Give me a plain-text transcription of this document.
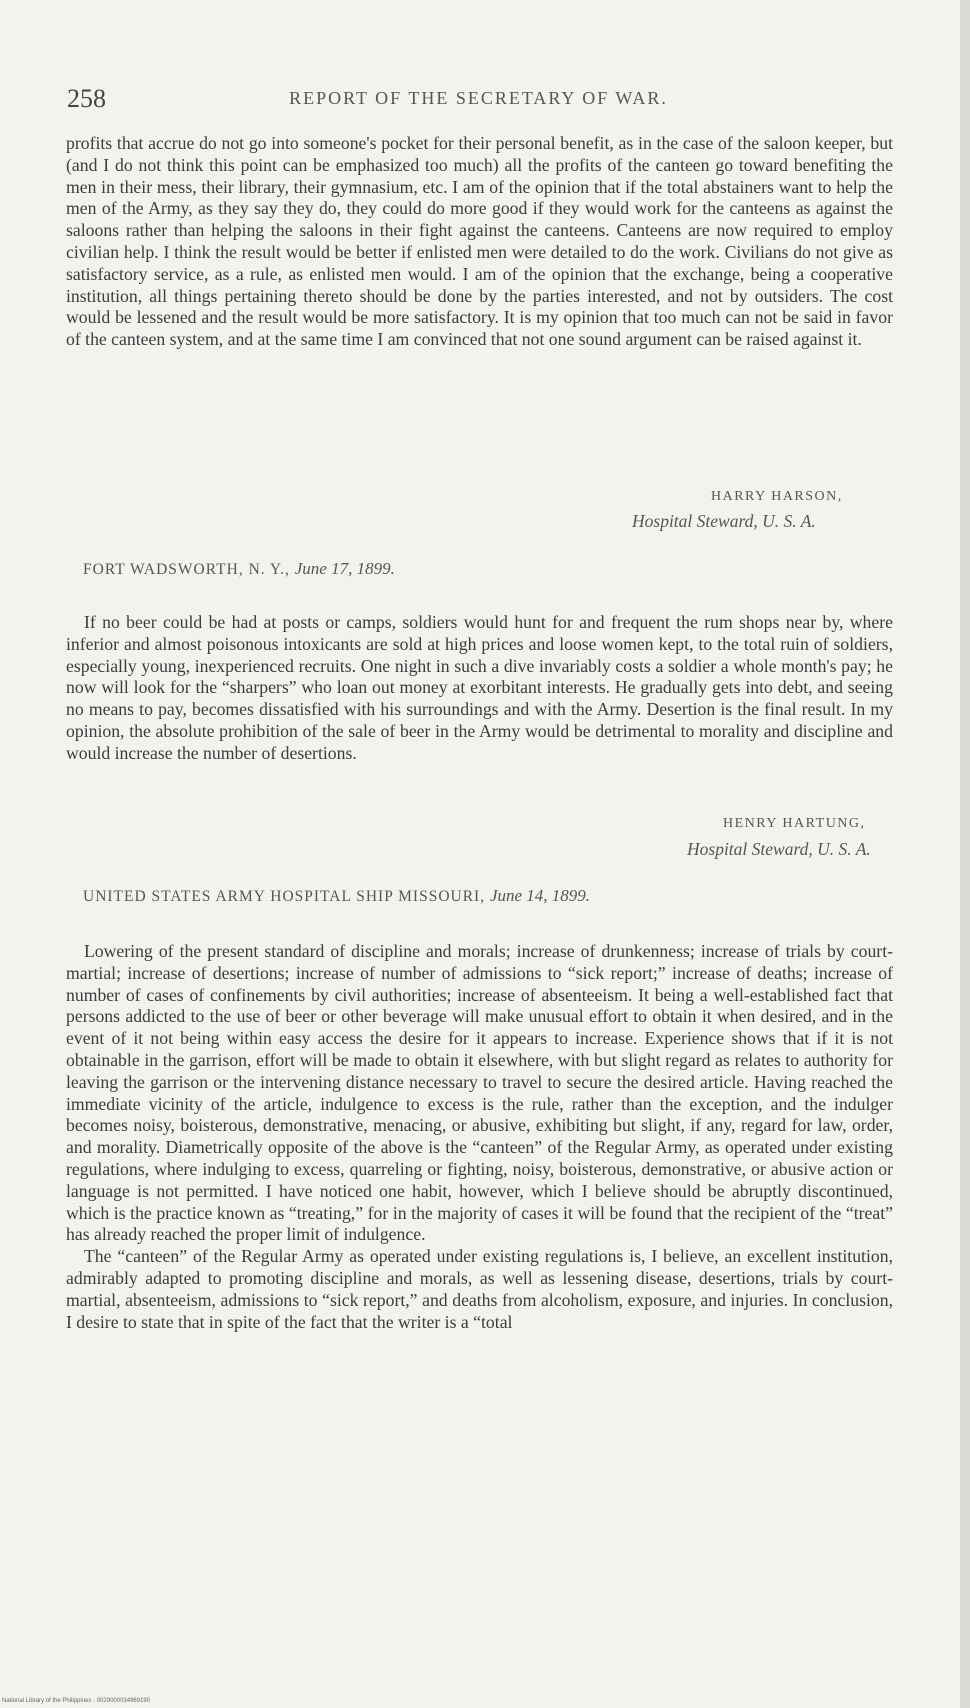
258	REPORT OF THE SECRETARY OF WAR.

profits that accrue do not go into someone's pocket for their personal benefit, as in the case of the saloon keeper, but (and I do not think this point can be emphasized too much) all the profits of the canteen go toward benefiting the men in their mess, their library, their gymnasium, etc. I am of the opinion that if the total abstainers want to help the men of the Army, as they say they do, they could do more good if they would work for the canteens as against the saloons rather than helping the saloons in their fight against the canteens. Canteens are now required to employ civilian help. I think the result would be better if enlisted men were detailed to do the work. Civilians do not give as satisfactory service, as a rule, as enlisted men would. I am of the opinion that the exchange, being a cooperative institution, all things pertaining thereto should be done by the parties interested, and not by outsiders. The cost would be lessened and the result would be more satisfactory. It is my opinion that too much can not be said in favor of the canteen system, and at the same time I am convinced that not one sound argument can be raised against it.

HARRY HARSON,
Hospital Steward, U. S. A.
FORT WADSWORTH, N. Y., June 17, 1899.

If no beer could be had at posts or camps, soldiers would hunt for and frequent the rum shops near by, where inferior and almost poisonous intoxicants are sold at high prices and loose women kept, to the total ruin of soldiers, especially young, inexperienced recruits. One night in such a dive invariably costs a soldier a whole month's pay; he now will look for the “sharpers” who loan out money at exorbitant interests. He gradually gets into debt, and seeing no means to pay, becomes dissatisfied with his surroundings and with the Army. Desertion is the final result. In my opinion, the absolute prohibition of the sale of beer in the Army would be detrimental to morality and discipline and would increase the number of desertions.

HENRY HARTUNG,
Hospital Steward, U. S. A.
UNITED STATES ARMY HOSPITAL SHIP MISSOURI, June 14, 1899.

Lowering of the present standard of discipline and morals; increase of drunkenness; increase of trials by court-martial; increase of desertions; increase of number of admissions to “sick report;” increase of deaths; increase of number of cases of confinements by civil authorities; increase of absenteeism. It being a well-established fact that persons addicted to the use of beer or other beverage will make unusual effort to obtain it when desired, and in the event of it not being within easy access the desire for it appears to increase. Experience shows that if it is not obtainable in the garrison, effort will be made to obtain it elsewhere, with but slight regard as relates to authority for leaving the garrison or the intervening distance necessary to travel to secure the desired article. Having reached the immediate vicinity of the article, indulgence to excess is the rule, rather than the exception, and the indulger becomes noisy, boisterous, demonstrative, menacing, or abusive, exhibiting but slight, if any, regard for law, order, and morality. Diametrically opposite of the above is the “canteen” of the Regular Army, as operated under existing regulations, where indulging to excess, quarreling or fighting, noisy, boisterous, demonstrative, or abusive action or language is not permitted. I have noticed one habit, however, which I believe should be abruptly discontinued, which is the practice known as “treating,” for in the majority of cases it will be found that the recipient of the “treat” has already reached the proper limit of indulgence.

The “canteen” of the Regular Army as operated under existing regulations is, I believe, an excellent institution, admirably adapted to promoting discipline and morals, as well as lessening disease, desertions, trials by court-martial, absenteeism, admissions to “sick report,” and deaths from alcoholism, exposure, and injuries. In conclusion, I desire to state that in spite of the fact that the writer is a “total

National Library of the Philippines · 0029000034969190
